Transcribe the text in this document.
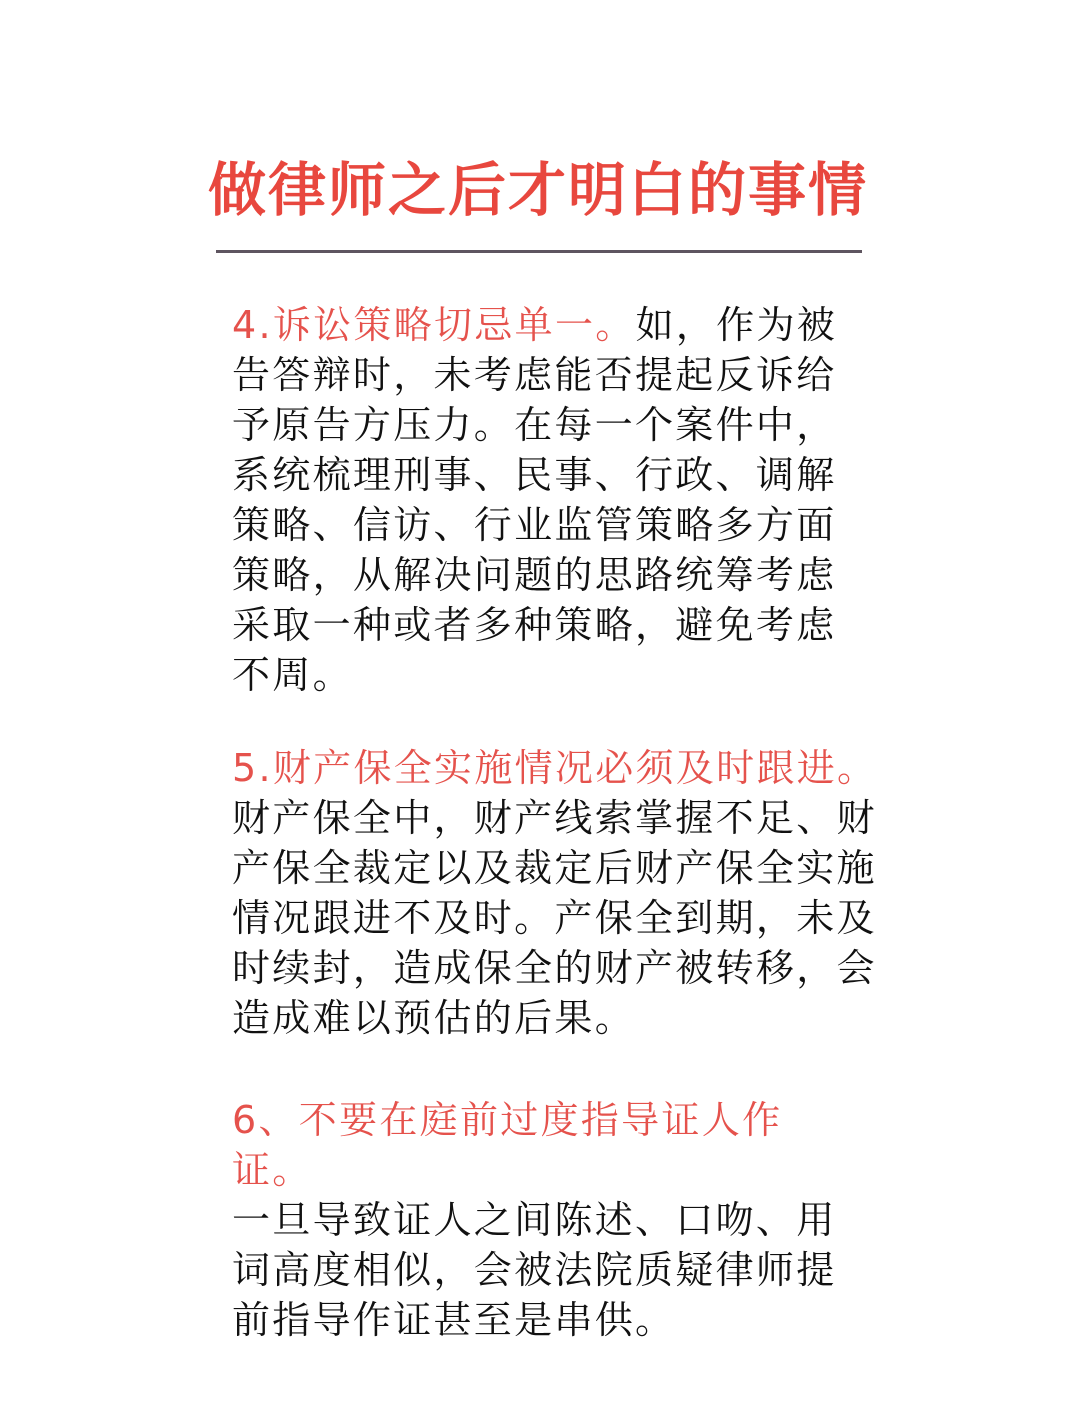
做律师之后才明白的事情

4.诉讼策略切忌单一。如，作为被告答辩时，未考虑能否提起反诉给予原告方压力。在每一个案件中，系统梳理刑事、民事、行政、调解策略、信访、行业监管策略多方面策略，从解决问题的思路统筹考虑采取一种或者多种策略，避免考虑不周。

5.财产保全实施情况必须及时跟进。财产保全中，财产线索掌握不足、财产保全裁定以及裁定后财产保全实施情况跟进不及时。产保全到期，未及时续封，造成保全的财产被转移，会造成难以预估的后果。

6、不要在庭前过度指导证人作证。
一旦导致证人之间陈述、口吻、用词高度相似，会被法院质疑律师提前指导作证甚至是串供。
